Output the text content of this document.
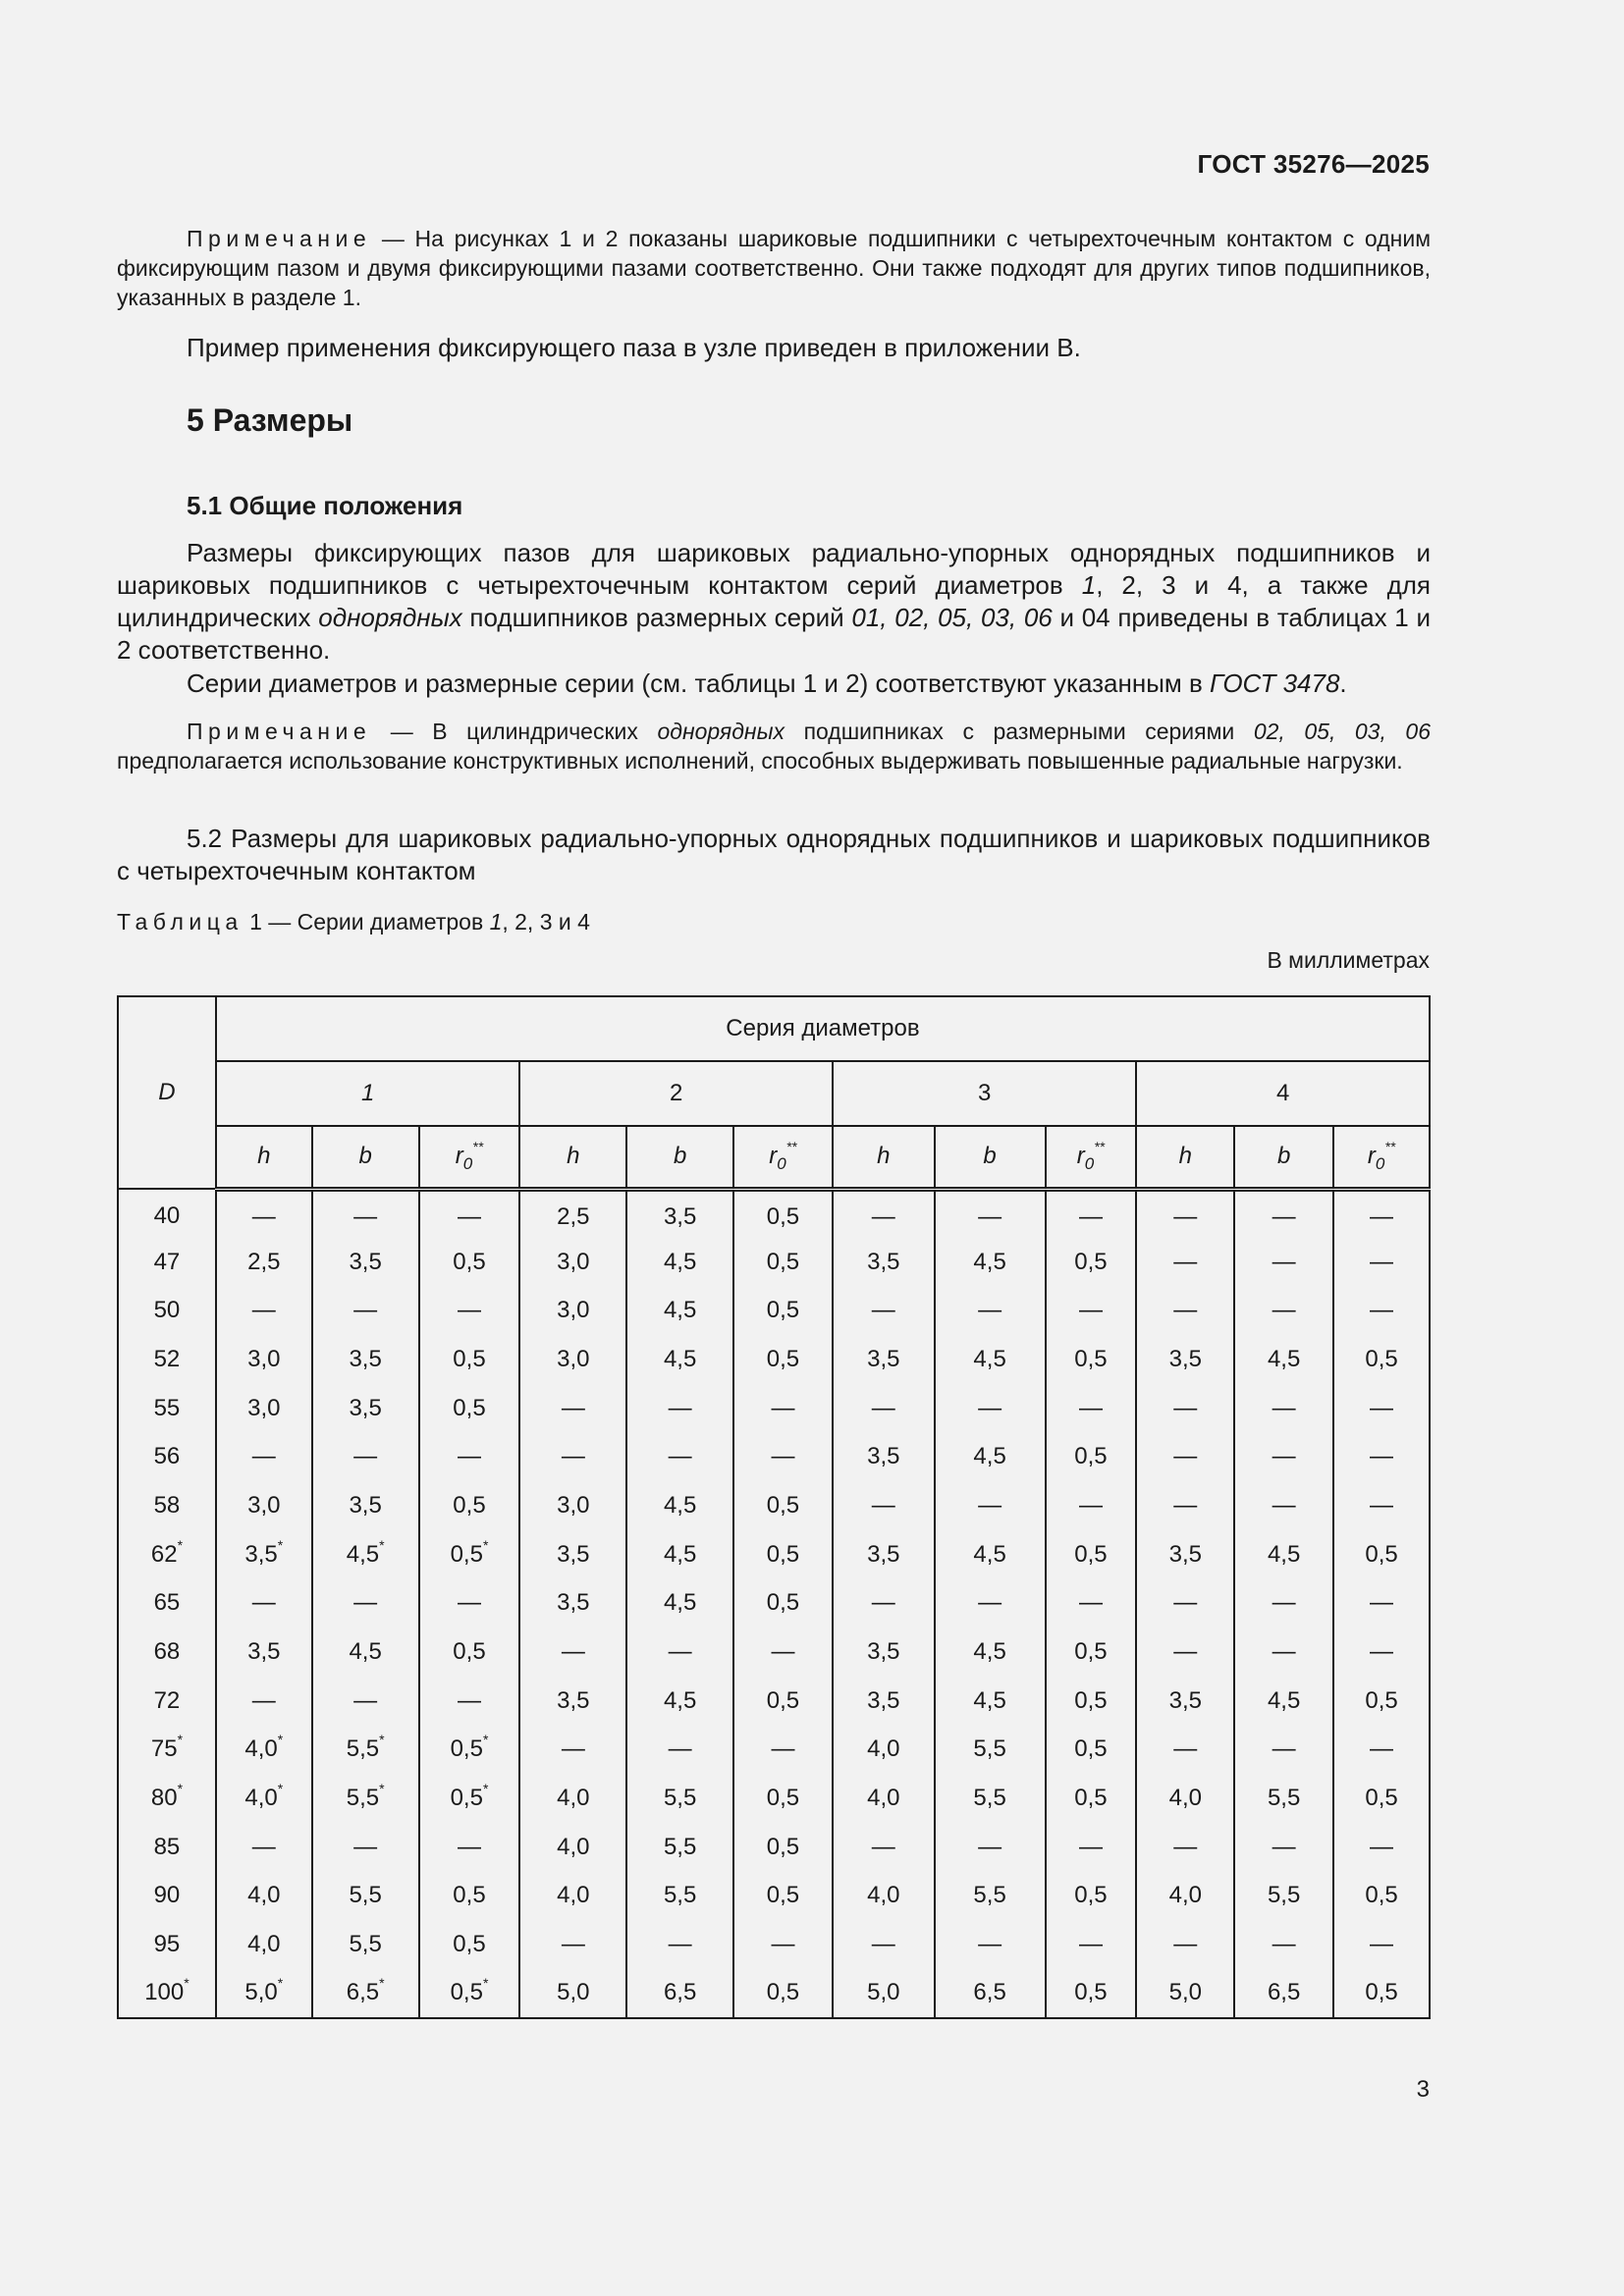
ГОСТ 35276—2025

Примечание — На рисунках 1 и 2 показаны шариковые подшипники с четырехточечным контактом с одним фиксирующим пазом и двумя фиксирующими пазами соответственно. Они также подходят для других типов подшипников, указанных в разделе 1.

Пример применения фиксирующего паза в узле приведен в приложении В.

5 Размеры
5.1 Общие положения

Размеры фиксирующих пазов для шариковых радиально-упорных однорядных подшипников и шариковых подшипников с четырехточечным контактом серий диаметров 1, 2, 3 и 4, а также для цилиндрических однорядных подшипников размерных серий 01, 02, 05, 03, 06 и 04 приведены в таблицах 1 и 2 соответственно.

Серии диаметров и размерные серии (см. таблицы 1 и 2) соответствуют указанным в ГОСТ 3478.

Примечание — В цилиндрических однорядных подшипниках с размерными сериями 02, 05, 03, 06 предполагается использование конструктивных исполнений, способных выдерживать повышенные радиальные нагрузки.

5.2 Размеры для шариковых радиально-упорных однорядных подшипников и шариковых подшипников с четырехточечным контактом

Таблица 1 — Серии диаметров 1, 2, 3 и 4
В миллиметрах
D	Серия диаметров											
	1			2			3			4		
	h	b	$r_0^{**}$	h	b	$r_0^{**}$	h	b	$r_0^{**}$	h	b	$r_0^{**}$
40	—	—	—	2,5	3,5	0,5	—	—	—	—	—	—
47	2,5	3,5	0,5	3,0	4,5	0,5	3,5	4,5	0,5	—	—	—
50	—	—	—	3,0	4,5	0,5	—	—	—	—	—	—
52	3,0	3,5	0,5	3,0	4,5	0,5	3,5	4,5	0,5	3,5	4,5	0,5
55	3,0	3,5	0,5	—	—	—	—	—	—	—	—	—
56	—	—	—	—	—	—	3,5	4,5	0,5	—	—	—
58	3,0	3,5	0,5	3,0	4,5	0,5	—	—	—	—	—	—
62*	3,5*	4,5*	0,5*	3,5	4,5	0,5	3,5	4,5	0,5	3,5	4,5	0,5
65	—	—	—	3,5	4,5	0,5	—	—	—	—	—	—
68	3,5	4,5	0,5	—	—	—	3,5	4,5	0,5	—	—	—
72	—	—	—	3,5	4,5	0,5	3,5	4,5	0,5	3,5	4,5	0,5
75*	4,0*	5,5*	0,5*	—	—	—	4,0	5,5	0,5	—	—	—
80*	4,0*	5,5*	0,5*	4,0	5,5	0,5	4,0	5,5	0,5	4,0	5,5	0,5
85	—	—	—	4,0	5,5	0,5	—	—	—	—	—	—
90	4,0	5,5	0,5	4,0	5,5	0,5	4,0	5,5	0,5	4,0	5,5	0,5
95	4,0	5,5	0,5	—	—	—	—	—	—	—	—	—
100*	5,0*	6,5*	0,5*	5,0	6,5	0,5	5,0	6,5	0,5	5,0	6,5	0,5
3
